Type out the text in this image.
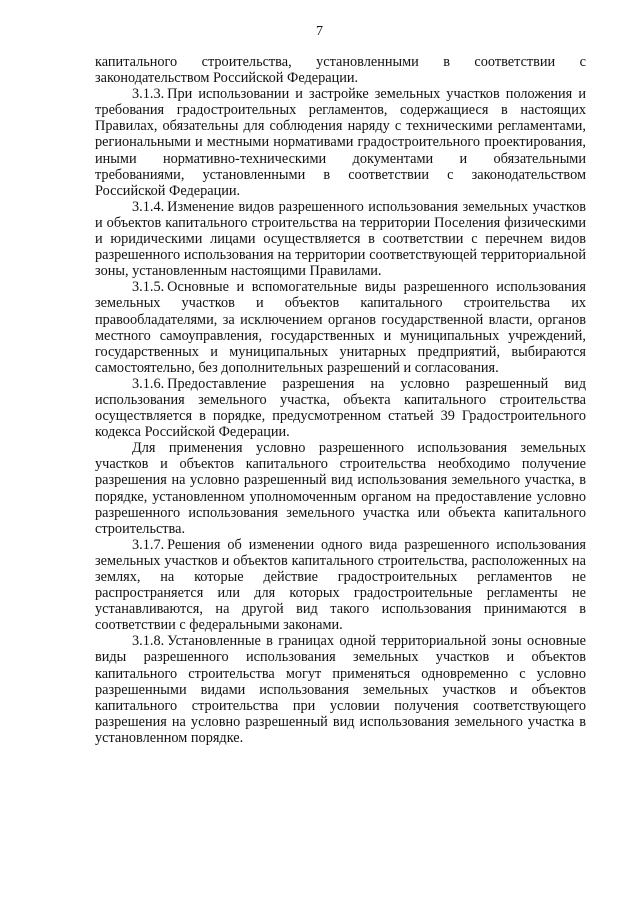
7

капитального строительства, установленными в соответствии с законодательством Российской Федерации.

3.1.3. При использовании и застройке земельных участков положения и требования градостроительных регламентов, содержащиеся в настоящих Правилах, обязательны для соблюдения наряду с техническими регламентами, региональными и местными нормативами градостроительного проектирования, иными нормативно-техническими документами и обязательными требованиями, установленными в соответствии с законодательством Российской Федерации.

3.1.4. Изменение видов разрешенного использования земельных участков и объектов капитального строительства на территории Поселения физическими и юридическими лицами осуществляется в соответствии с перечнем видов разрешенного использования на территории соответствующей территориальной зоны, установленным настоящими Правилами.

3.1.5. Основные и вспомогательные виды разрешенного использования земельных участков и объектов капитального строительства их правообладателями, за исключением органов государственной власти, органов местного самоуправления, государственных и муниципальных учреждений, государственных и муниципальных унитарных предприятий, выбираются самостоятельно, без дополнительных разрешений и согласования.

3.1.6. Предоставление разрешения на условно разрешенный вид использования земельного участка, объекта капитального строительства осуществляется в порядке, предусмотренном статьей 39 Градостроительного кодекса Российской Федерации.

Для применения условно разрешенного использования земельных участков и объектов капитального строительства необходимо получение разрешения на условно разрешенный вид использования земельного участка, в порядке, установленном уполномоченным органом на предоставление условно разрешенного использования земельного участка или объекта капитального строительства.

3.1.7. Решения об изменении одного вида разрешенного использования земельных участков и объектов капитального строительства, расположенных на землях, на которые действие градостроительных регламентов не распространяется или для которых градостроительные регламенты не устанавливаются, на другой вид такого использования принимаются в соответствии с федеральными законами.

3.1.8. Установленные в границах одной территориальной зоны основные виды разрешенного использования земельных участков и объектов капитального строительства могут применяться одновременно с условно разрешенными видами использования земельных участков и объектов капитального строительства при условии получения соответствующего разрешения на условно разрешенный вид использования земельного участка в установленном порядке.
